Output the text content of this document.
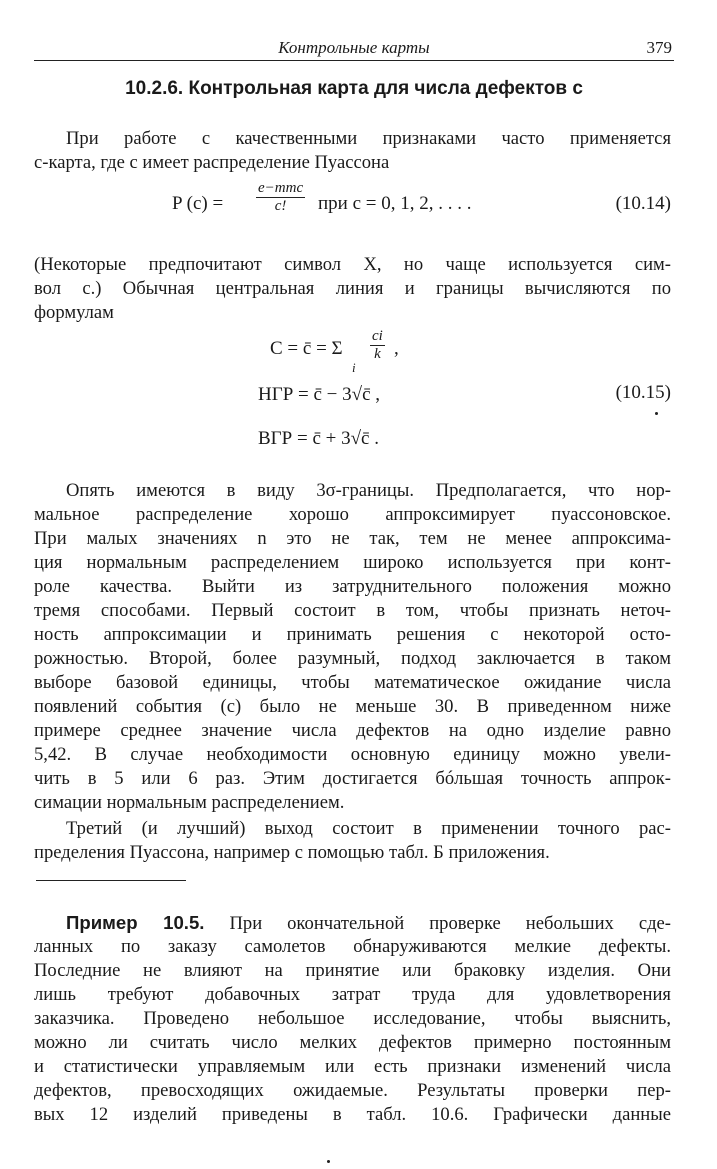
Контрольные карты	379
10.2.6. Контрольная карта для числа дефектов с
При работе с качественными признаками часто применяется
с-карта, где с имеет распределение Пуассона
P (c) =
e−mmc
c!	при c = 0, 1, 2, . . . .	(10.14)
(Некоторые предпочитают символ X, но чаще используется сим-
вол с.) Обычная центральная линия и границы вычисляются по
формулам
C = c̄ = Σ
i
$\frac{ci}{k}$ ,
НГР = c̄ − 3√c̄ ,
ВГР = c̄ + 3√c̄ .
(10.15)
Опять имеются в виду 3σ-границы. Предполагается, что нор-
мальное распределение хорошо аппроксимирует пуассоновское.
При малых значениях n это не так, тем не менее аппроксима-
ция нормальным распределением широко используется при конт-
роле качества. Выйти из затруднительного положения можно
тремя способами. Первый состоит в том, чтобы признать неточ-
ность аппроксимации и принимать решения с некоторой осто-
рожностью. Второй, более разумный, подход заключается в таком
выборе базовой единицы, чтобы математическое ожидание числа
появлений события (с) было не меньше 30. В приведенном ниже
примере среднее значение числа дефектов на одно изделие равно
5,42. В случае необходимости основную единицу можно увели-
чить в 5 или 6 раз. Этим достигается бóльшая точность аппрок-
симации нормальным распределением.
Третий (и лучший) выход состоит в применении точного рас-
пределения Пуассона, например с помощью табл. Б приложения.
Пример 10.5. При окончательной проверке небольших сде-
ланных по заказу самолетов обнаруживаются мелкие дефекты.
Последние не влияют на принятие или браковку изделия. Они
лишь требуют добавочных затрат труда для удовлетворения
заказчика. Проведено небольшое исследование, чтобы выяснить,
можно ли считать число мелких дефектов примерно постоянным
и статистически управляемым или есть признаки изменений числа
дефектов, превосходящих ожидаемые. Результаты проверки пер-
вых 12 изделий приведены в табл. 10.6. Графически данные
